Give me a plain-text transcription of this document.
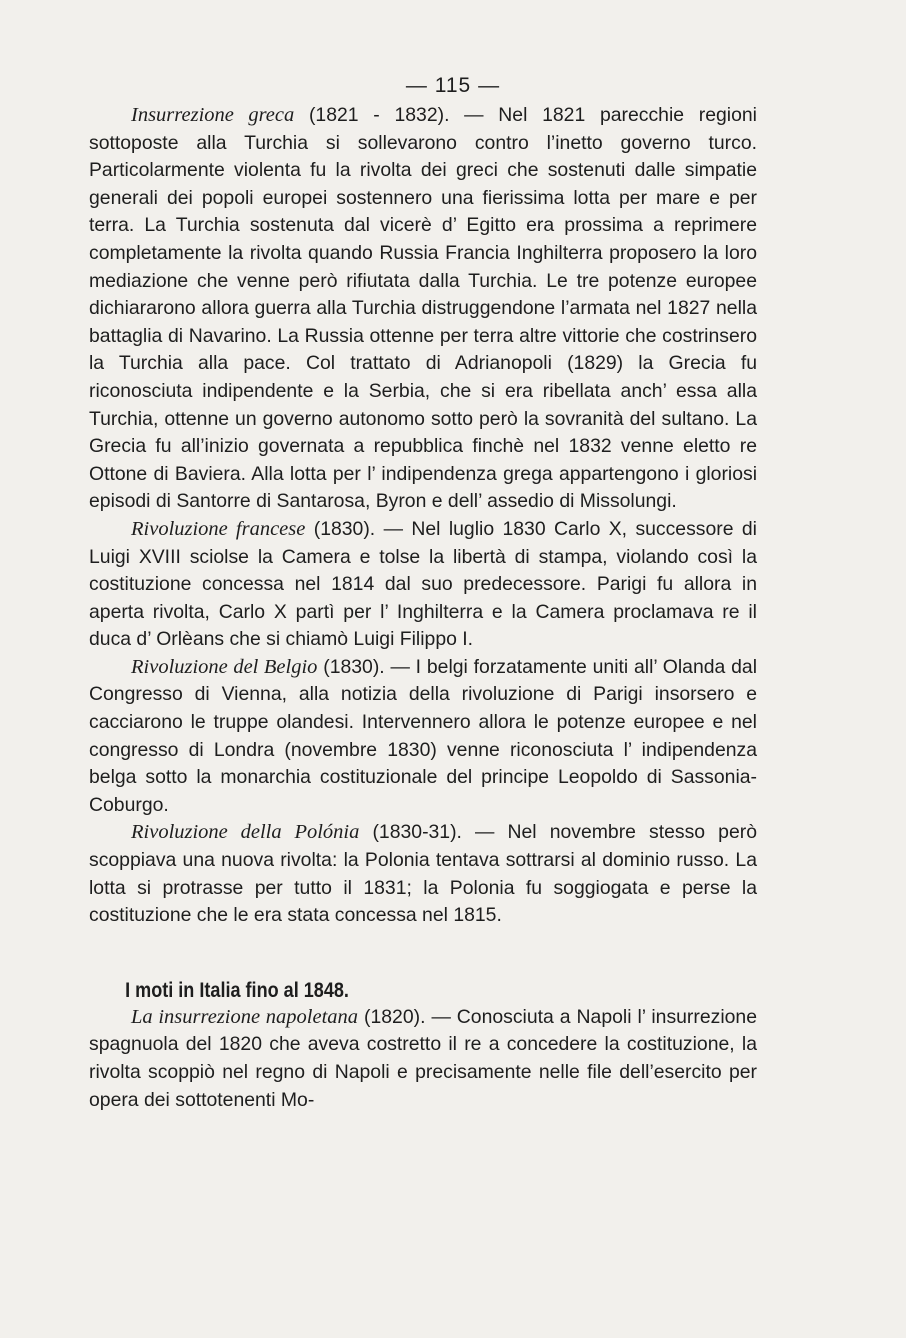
— 115 —

Insurrezione greca (1821 - 1832). — Nel 1821 parecchie regioni sottoposte alla Turchia si sollevarono contro l’inetto governo turco. Particolarmente violenta fu la rivolta dei greci che sostenuti dalle simpatie generali dei popoli europei sostennero una fierissima lotta per mare e per terra. La Turchia sostenuta dal vicerè d’ Egitto era prossima a reprimere completamente la rivolta quando Russia Francia Inghilterra proposero la loro mediazione che venne però rifiutata dalla Turchia. Le tre potenze europee dichiararono allora guerra alla Turchia distruggendone l’armata nel 1827 nella battaglia di Navarino. La Russia ottenne per terra altre vittorie che costrinsero la Turchia alla pace. Col trattato di Adrianopoli (1829) la Grecia fu riconosciuta indipendente e la Serbia, che si era ribellata anch’ essa alla Turchia, ottenne un governo autonomo sotto però la sovranità del sultano. La Grecia fu all’inizio governata a repubblica finchè nel 1832 venne eletto re Ottone di Baviera. Alla lotta per l’ indipendenza grega appartengono i gloriosi episodi di Santorre di Santarosa, Byron e dell’ assedio di Missolungi.

Rivoluzione francese (1830). — Nel luglio 1830 Carlo X, successore di Luigi XVIII sciolse la Camera e tolse la libertà di stampa, violando così la costituzione concessa nel 1814 dal suo predecessore. Parigi fu allora in aperta rivolta, Carlo X partì per l’ Inghilterra e la Camera proclamava re il duca d’ Orlèans che si chiamò Luigi Filippo I.

Rivoluzione del Belgio (1830). — I belgi forzatamente uniti all’ Olanda dal Congresso di Vienna, alla notizia della rivoluzione di Parigi insorsero e cacciarono le truppe olandesi. Intervennero allora le potenze europee e nel congresso di Londra (novembre 1830) venne riconosciuta l’ indipendenza belga sotto la monarchia costituzionale del principe Leopoldo di Sassonia-Coburgo.

Rivoluzione della Polónia (1830-31). — Nel novembre stesso però scoppiava una nuova rivolta: la Polonia tentava sottrarsi al dominio russo. La lotta si protrasse per tutto il 1831; la Polonia fu soggiogata e perse la costituzione che le era stata concessa nel 1815.

I moti in Italia fino al 1848.

La insurrezione napoletana (1820). — Conosciuta a Napoli l’ insurrezione spagnuola del 1820 che aveva costretto il re a concedere la costituzione, la rivolta scoppiò nel regno di Napoli e precisamente nelle file dell’esercito per opera dei sottotenenti Mo-
